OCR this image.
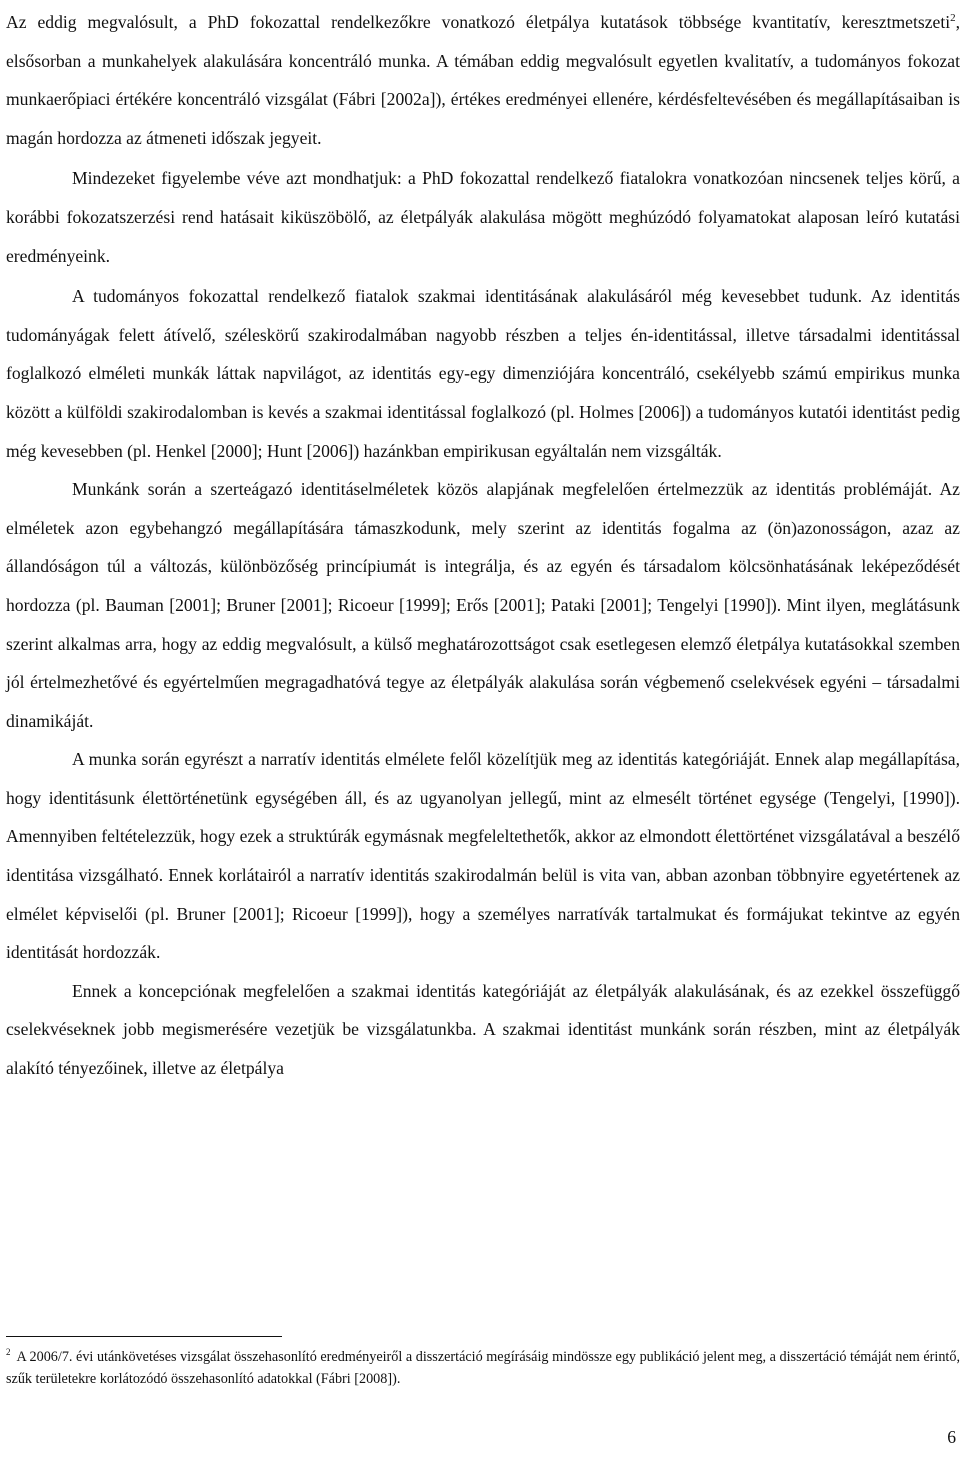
Az eddig megvalósult, a PhD fokozattal rendelkezőkre vonatkozó életpálya kutatások többsége kvantitatív, keresztmetszeti$^2$, elsősorban a munkahelyek alakulására koncentráló munka. A témában eddig megvalósult egyetlen kvalitatív, a tudományos fokozat munkaerőpiaci értékére koncentráló vizsgálat (Fábri [2002a]), értékes eredményei ellenére, kérdésfeltevésében és megállapításaiban is magán hordozza az átmeneti időszak jegyeit.

Mindezeket figyelembe véve azt mondhatjuk: a PhD fokozattal rendelkező fiatalokra vonatkozóan nincsenek teljes körű, a korábbi fokozatszerzési rend hatásait kiküszöbölő, az életpályák alakulása mögött meghúzódó folyamatokat alaposan leíró kutatási eredményeink.

A tudományos fokozattal rendelkező fiatalok szakmai identitásának alakulásáról még kevesebbet tudunk. Az identitás tudományágak felett átívelő, széleskörű szakirodalmában nagyobb részben a teljes én-identitással, illetve társadalmi identitással foglalkozó elméleti munkák láttak napvilágot, az identitás egy-egy dimenziójára koncentráló, csekélyebb számú empirikus munka között a külföldi szakirodalomban is kevés a szakmai identitással foglalkozó (pl. Holmes [2006]) a tudományos kutatói identitást pedig még kevesebben (pl. Henkel [2000]; Hunt [2006]) hazánkban empirikusan egyáltalán nem vizsgálták.

Munkánk során a szerteágazó identitáselméletek közös alapjának megfelelően értelmezzük az identitás problémáját. Az elméletek azon egybehangzó megállapítására támaszkodunk, mely szerint az identitás fogalma az (ön)azonosságon, azaz az állandóságon túl a változás, különbözőség princípiumát is integrálja, és az egyén és társadalom kölcsönhatásának leképeződését hordozza (pl. Bauman [2001]; Bruner [2001]; Ricoeur [1999]; Erős [2001]; Pataki [2001]; Tengelyi [1990]). Mint ilyen, meglátásunk szerint alkalmas arra, hogy az eddig megvalósult, a külső meghatározottságot csak esetlegesen elemző életpálya kutatásokkal szemben jól értelmezhetővé és egyértelműen megragadhatóvá tegye az életpályák alakulása során végbemenő cselekvések egyéni – társadalmi dinamikáját.

A munka során egyrészt a narratív identitás elmélete felől közelítjük meg az identitás kategóriáját. Ennek alap megállapítása, hogy identitásunk élettörténetünk egységében áll, és az ugyanolyan jellegű, mint az elmesélt történet egysége (Tengelyi, [1990]). Amennyiben feltételezzük, hogy ezek a struktúrák egymásnak megfeleltethetők, akkor az elmondott élettörténet vizsgálatával a beszélő identitása vizsgálható. Ennek korlátairól a narratív identitás szakirodalmán belül is vita van, abban azonban többnyire egyetértenek az elmélet képviselői (pl. Bruner [2001]; Ricoeur [1999]), hogy a személyes narratívák tartalmukat és formájukat tekintve az egyén identitását hordozzák.

Ennek a koncepciónak megfelelően a szakmai identitás kategóriáját az életpályák alakulásának, és az ezekkel összefüggő cselekvéseknek jobb megismerésére vezetjük be vizsgálatunkba. A szakmai identitást munkánk során részben, mint az életpályák alakító tényezőinek, illetve az életpálya

$^2$ A 2006/7. évi utánkövetéses vizsgálat összehasonlító eredményeiről a disszertáció megírásáig mindössze egy publikáció jelent meg, a disszertáció témáját nem érintő, szűk területekre korlátozódó összehasonlító adatokkal (Fábri [2008]).
6
